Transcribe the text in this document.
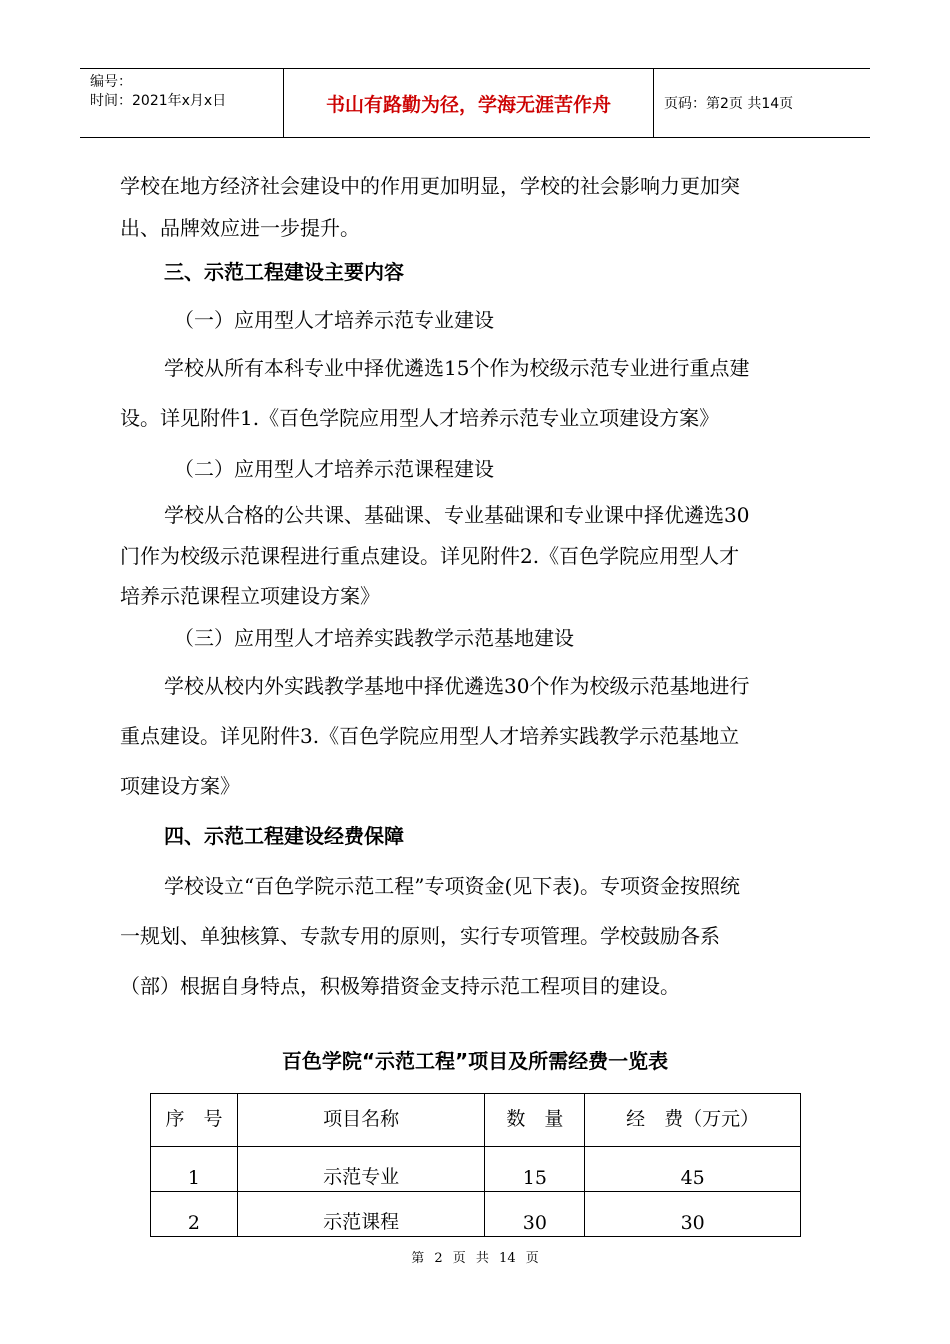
编号：
时间：2021年x月x日	书山有路勤为径，学海无涯苦作舟	页码：第2页 共14页
学校在地方经济社会建设中的作用更加明显，学校的社会影响力更加突
出、品牌效应进一步提升。
三、示范工程建设主要内容
（一）应用型人才培养示范专业建设
学校从所有本科专业中择优遴选15个作为校级示范专业进行重点建
设。详见附件1.《百色学院应用型人才培养示范专业立项建设方案》
（二）应用型人才培养示范课程建设
学校从合格的公共课、基础课、专业基础课和专业课中择优遴选30
门作为校级示范课程进行重点建设。详见附件2.《百色学院应用型人才
培养示范课程立项建设方案》
（三）应用型人才培养实践教学示范基地建设
学校从校内外实践教学基地中择优遴选30个作为校级示范基地进行
重点建设。详见附件3.《百色学院应用型人才培养实践教学示范基地立
项建设方案》
四、示范工程建设经费保障
学校设立“百色学院示范工程”专项资金(见下表)。专项资金按照统
一规划、单独核算、专款专用的原则，实行专项管理。学校鼓励各系
（部）根据自身特点，积极筹措资金支持示范工程项目的建设。
百色学院“示范工程”项目及所需经费一览表
序　号	项目名称	数　量	经　费（万元）
1	示范专业	15	45
2	示范课程	30	30
第 2 页 共 14 页
